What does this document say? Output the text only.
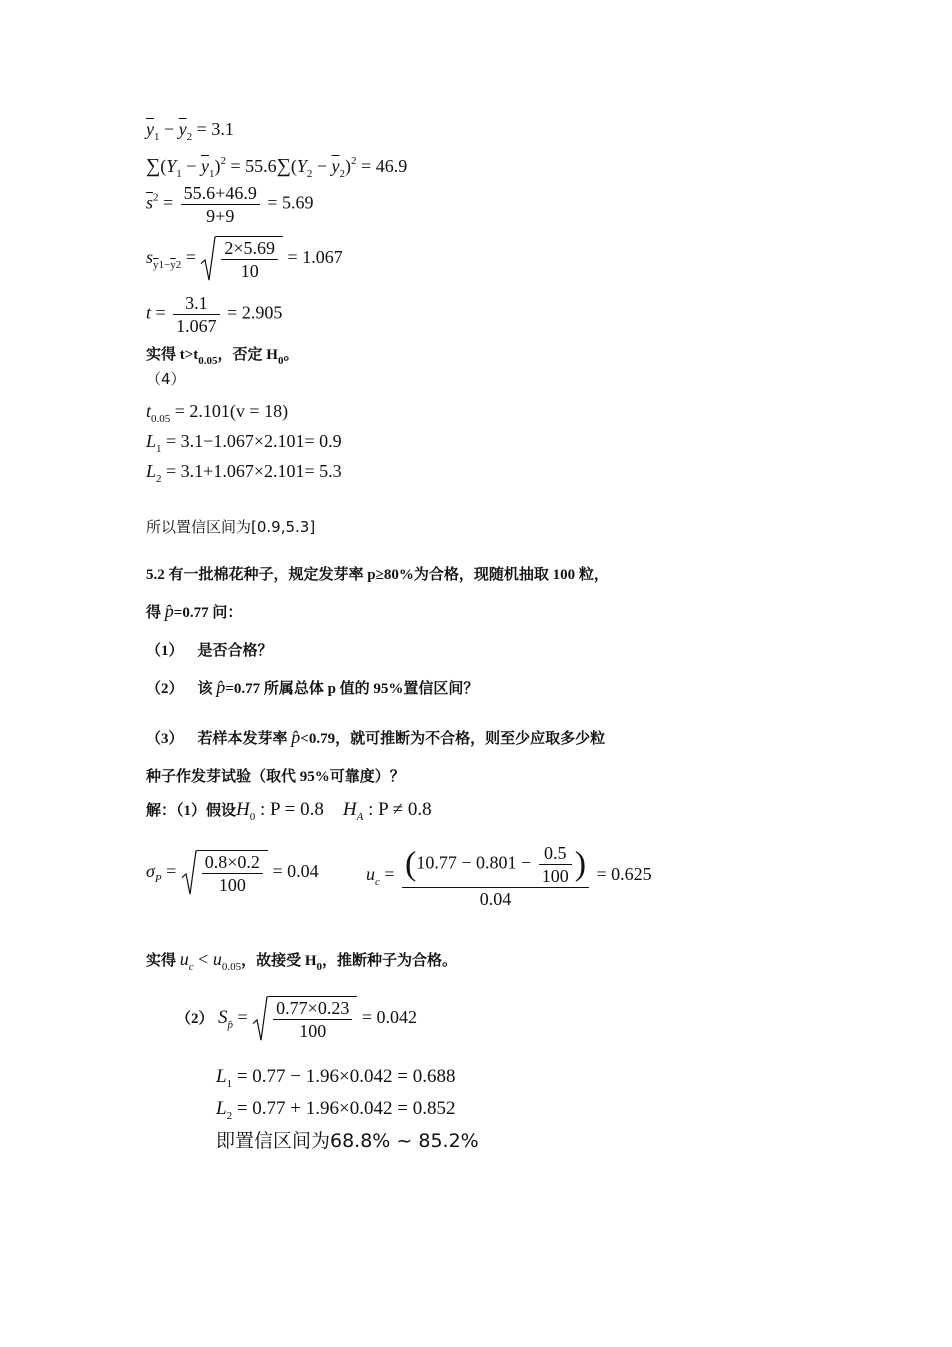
$\overline{y}_1 - \overline{y}_2 = 3.1$
$\sum(Y_1 - \overline{y}_1)^2 = 55.6\sum(Y_2 - \overline{y}_2)^2 = 46.9$
$\overline{s}^2 = \frac{55.6+46.9}{9+9} = 5.69$
$s_{\overline{y}1-\overline{y}2} = \frac{2\times 5.69}{10} = 1.067$
$t = \frac{3.1}{1.067} = 2.905$
实得 $t>t_{0.05}$，否定 $H_0$。
（4）
$t_{0.05} = 2.101(v = 18)$
$L_1 = 3.1-1.067\times 2.101= 0.9$
$L_2 = 3.1+1.067\times 2.101= 5.3$
所以置信区间为[0.9,5.3]
5.2 有一批棉花种子，规定发芽率 p≥80%为合格，现随机抽取 100 粒，
得 p̂=0.77 问：
（1） 是否合格？
（2） 该 p̂=0.77 所属总体 p 值的 95%置信区间？
（3） 若样本发芽率 p̂<0.79，就可推断为不合格，则至少应取多少粒
种子作发芽试验（取代 95%可靠度）？
解：（1）假设$H_0$ : P = 0.8 $H_A$ : P ≠ 0.8
$\sigma_P = \frac{0.8\times 0.2}{100} = 0.04$	$u_c = \frac{(10.77 - 0.801 - \frac{0.5}{100} )}{0.04} = 0.625$
实得 $u_c < u_{0.05}$，故接受 $H_0$，推断种子为合格。
（2） $S_{p̂} = \frac{0.77\times 0.23}{100} = 0.042$
$L_1 = 0.77 - 1.96\times 0.042 = 0.688$
$L_2 = 0.77 + 1.96\times 0.042 = 0.852$
即置信区间为68.8% ~ 85.2%
